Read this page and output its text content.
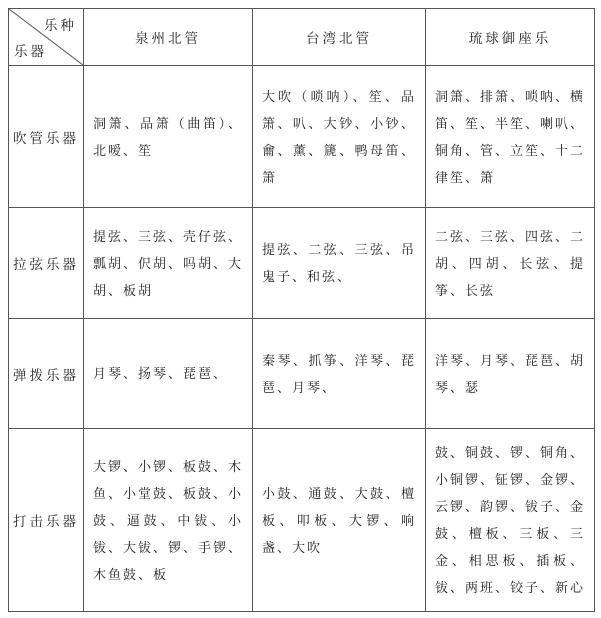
乐种
乐器
泉州北管	台湾北管	琉球御座乐
吹管乐器
洞箫、品箫（曲笛）、北嗳、笙
大吹（唢呐）、笙、品箫、叭、大钞、小钞、龠、薰、篪、鸭母笛、箫
洞箫、排箫、唢呐、横笛、笙、半笙、喇叭、铜角、管、立笙、十二律笙、箫
拉弦乐器
提弦、三弦、壳仔弦、瓢胡、伬胡、吗胡、大胡、板胡
提弦、二弦、三弦、吊鬼子、和弦、
二弦、三弦、四弦、二胡、四胡、长弦、提筝、长弦
弹拨乐器 月琴、扬琴、琵琶、
秦琴、抓筝、洋琴、琵琶、月琴、
洋琴、月琴、琵琶、胡琴、瑟
打击乐器
大锣、小锣、板鼓、木鱼、小堂鼓、板鼓、小鼓、逼鼓、中钹、小钹、大钹、锣、手锣、木鱼鼓、板
小鼓、通鼓、大鼓、檀板、叩板、大锣、响盏、大吹
鼓、铜鼓、锣、铜角、小铜锣、钲锣、金锣、云锣、韵锣、钹子、金鼓、檀板、三板、三金、相思板、插板、钹、两班、铰子、新心
